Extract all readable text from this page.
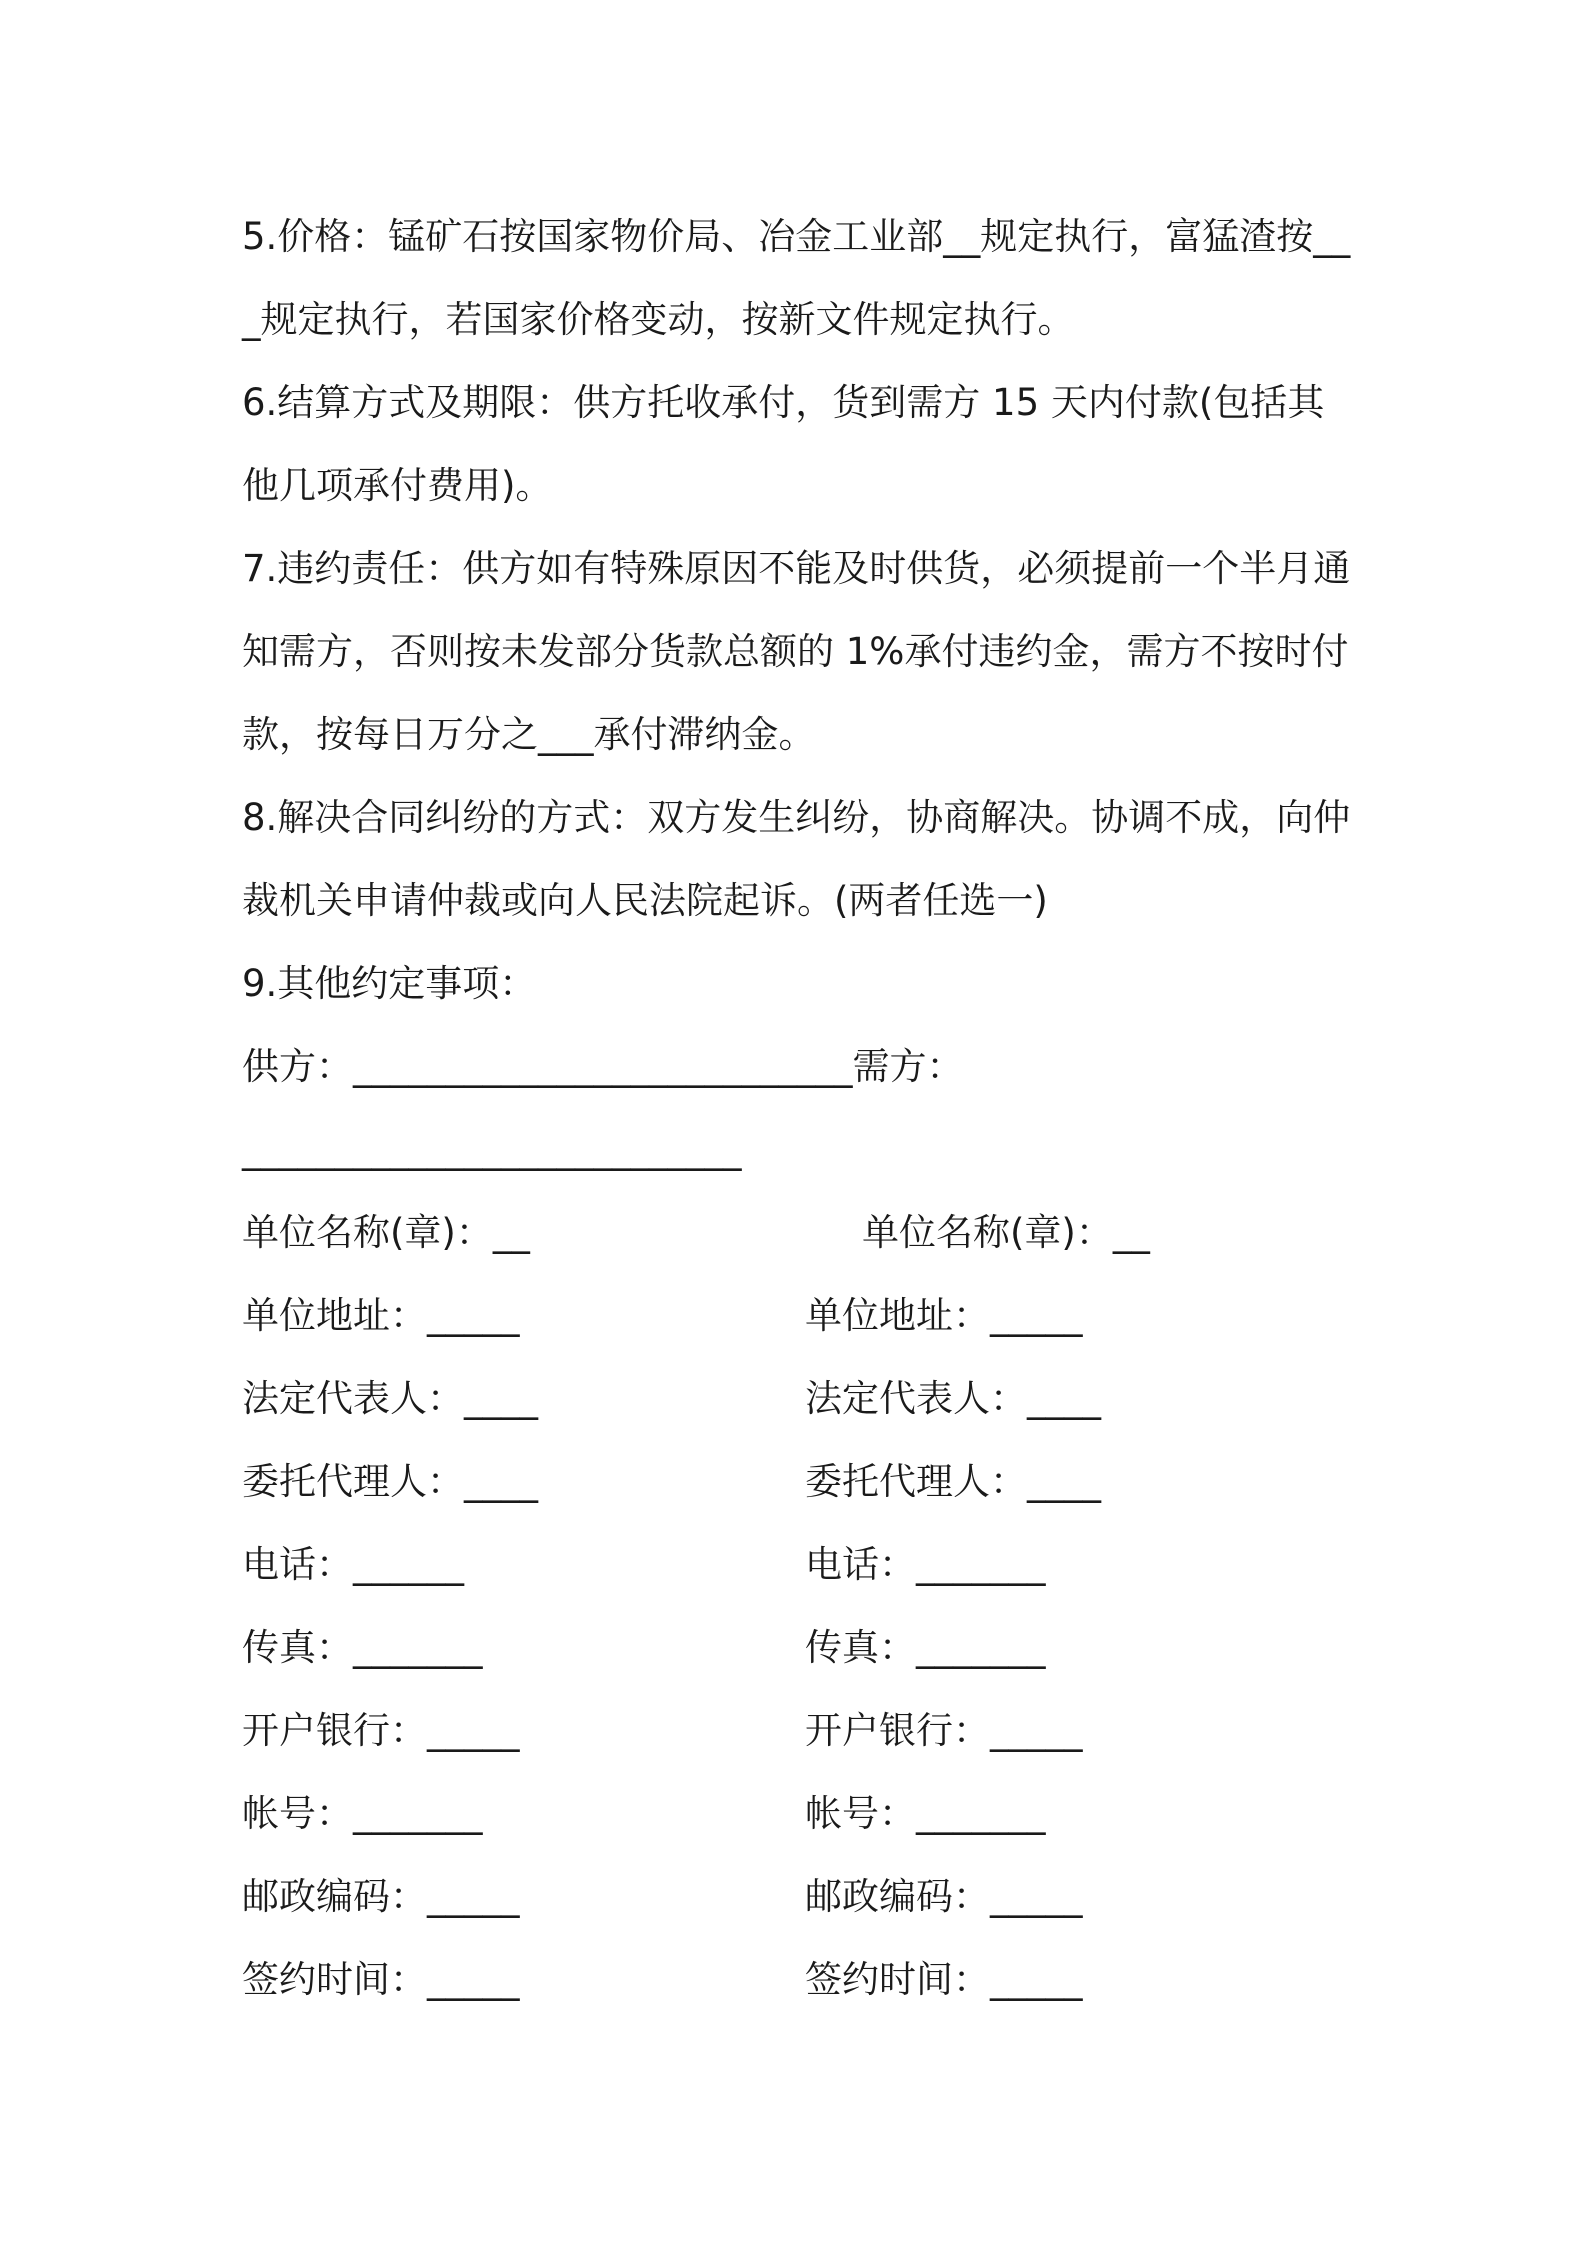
5.价格：锰矿石按国家物价局、冶金工业部__规定执行，富猛渣按___规定执行，若国家价格变动，按新文件规定执行。

6.结算方式及期限：供方托收承付，货到需方 15 天内付款(包括其他几项承付费用)。

7.违约责任：供方如有特殊原因不能及时供货，必须提前一个半月通知需方，否则按未发部分货款总额的 1%承付违约金，需方不按时付款，按每日万分之___承付滞纳金。

8.解决合同纠纷的方式：双方发生纠纷，协商解决。协调不成，向仲裁机关申请仲裁或向人民法院起诉。(两者任选一)

9.其他约定事项：

供方：___________________________需方：
___________________________
单位名称(章)：__	单位名称(章)：__
单位地址：_____	单位地址：_____
法定代表人：____	法定代表人：____
委托代理人：____	委托代理人：____
电话：______	电话：_______
传真：_______	传真：_______
开户银行：_____	开户银行：_____
帐号：_______	帐号：_______
邮政编码：_____	邮政编码：_____
签约时间：_____	签约时间：_____
